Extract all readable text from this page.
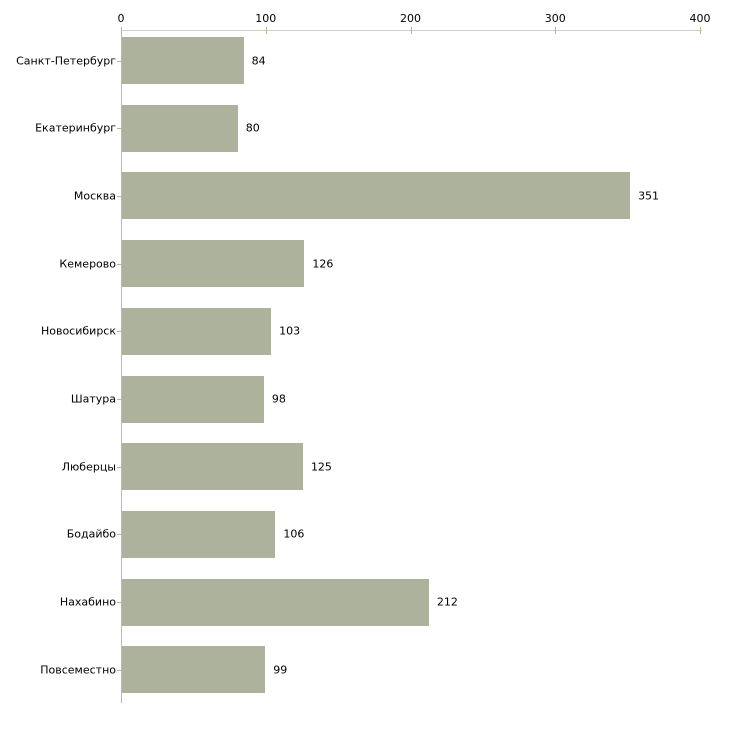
0	100	200	300	400
Санкт-Петербург	84
Екатеринбург	80
Москва	351
Кемерово	126
Новосибирск	103
Шатура	98
Люберцы	125
Бодайбо	106
Нахабино	212
Повсеместно	99
